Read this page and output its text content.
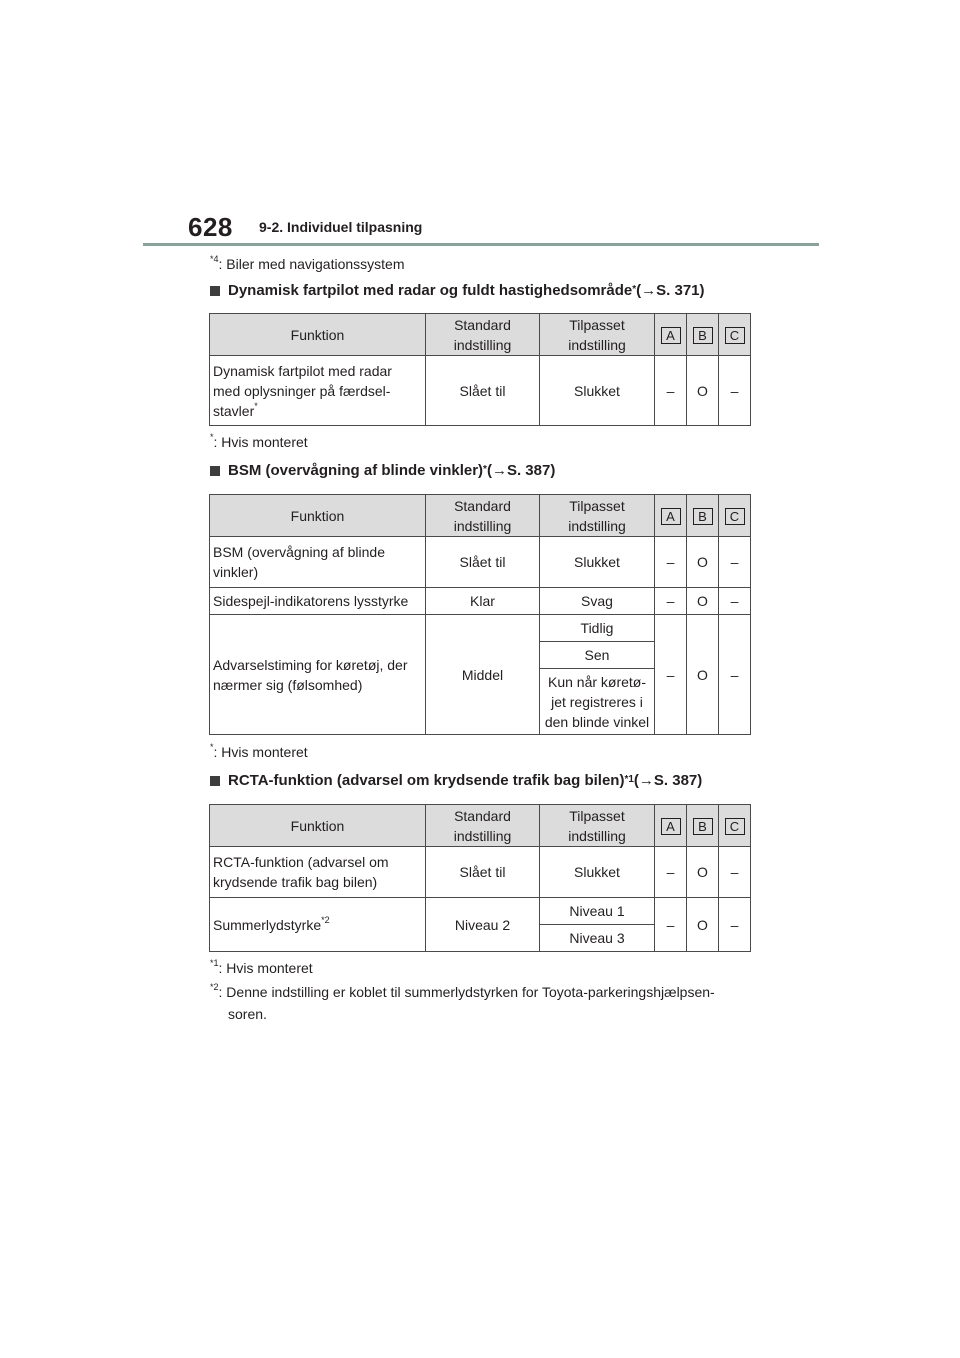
628 9-2. Individuel tilpasning
$^{*4}$: Biler med navigationssystem
Dynamisk fartpilot med radar og fuldt hastighedsområde* (→S. 371)
Funktion	Standard indstilling	Tilpasset indstilling	A	B	C
Dynamisk fartpilot med radar med oplysninger på færdsel-stavler*	Slået til	Slukket	–	O	–
*: Hvis monteret
BSM (overvågning af blinde vinkler)* (→S. 387)
Funktion	Standard indstilling	Tilpasset indstilling	A	B	C
BSM (overvågning af blinde vinkler)	Slået til	Slukket	–	O	–
Sidespejl-indikatorens lysstyrke	Klar	Svag	–	O	–
Advarselstiming for køretøj, der nærmer sig (følsomhed)	Middel	Tidlig	–	O	–
		Sen			
		Kun når køretø-jet registreres i den blinde vinkel			
*: Hvis monteret
RCTA-funktion (advarsel om krydsende trafik bag bilen)$^{*1}$ (→S. 387)
Funktion	Standard indstilling	Tilpasset indstilling	A	B	C
RCTA-funktion (advarsel om krydsende trafik bag bilen)	Slået til	Slukket	–	O	–
Summerlydstyrke$^{*2}$	Niveau 2	Niveau 1	–	O	–
		Niveau 3			
$^{*1}$: Hvis monteret
$^{*2}$: Denne indstilling er koblet til summerlydstyrken for Toyota-parkeringshjælpsen-
soren.
